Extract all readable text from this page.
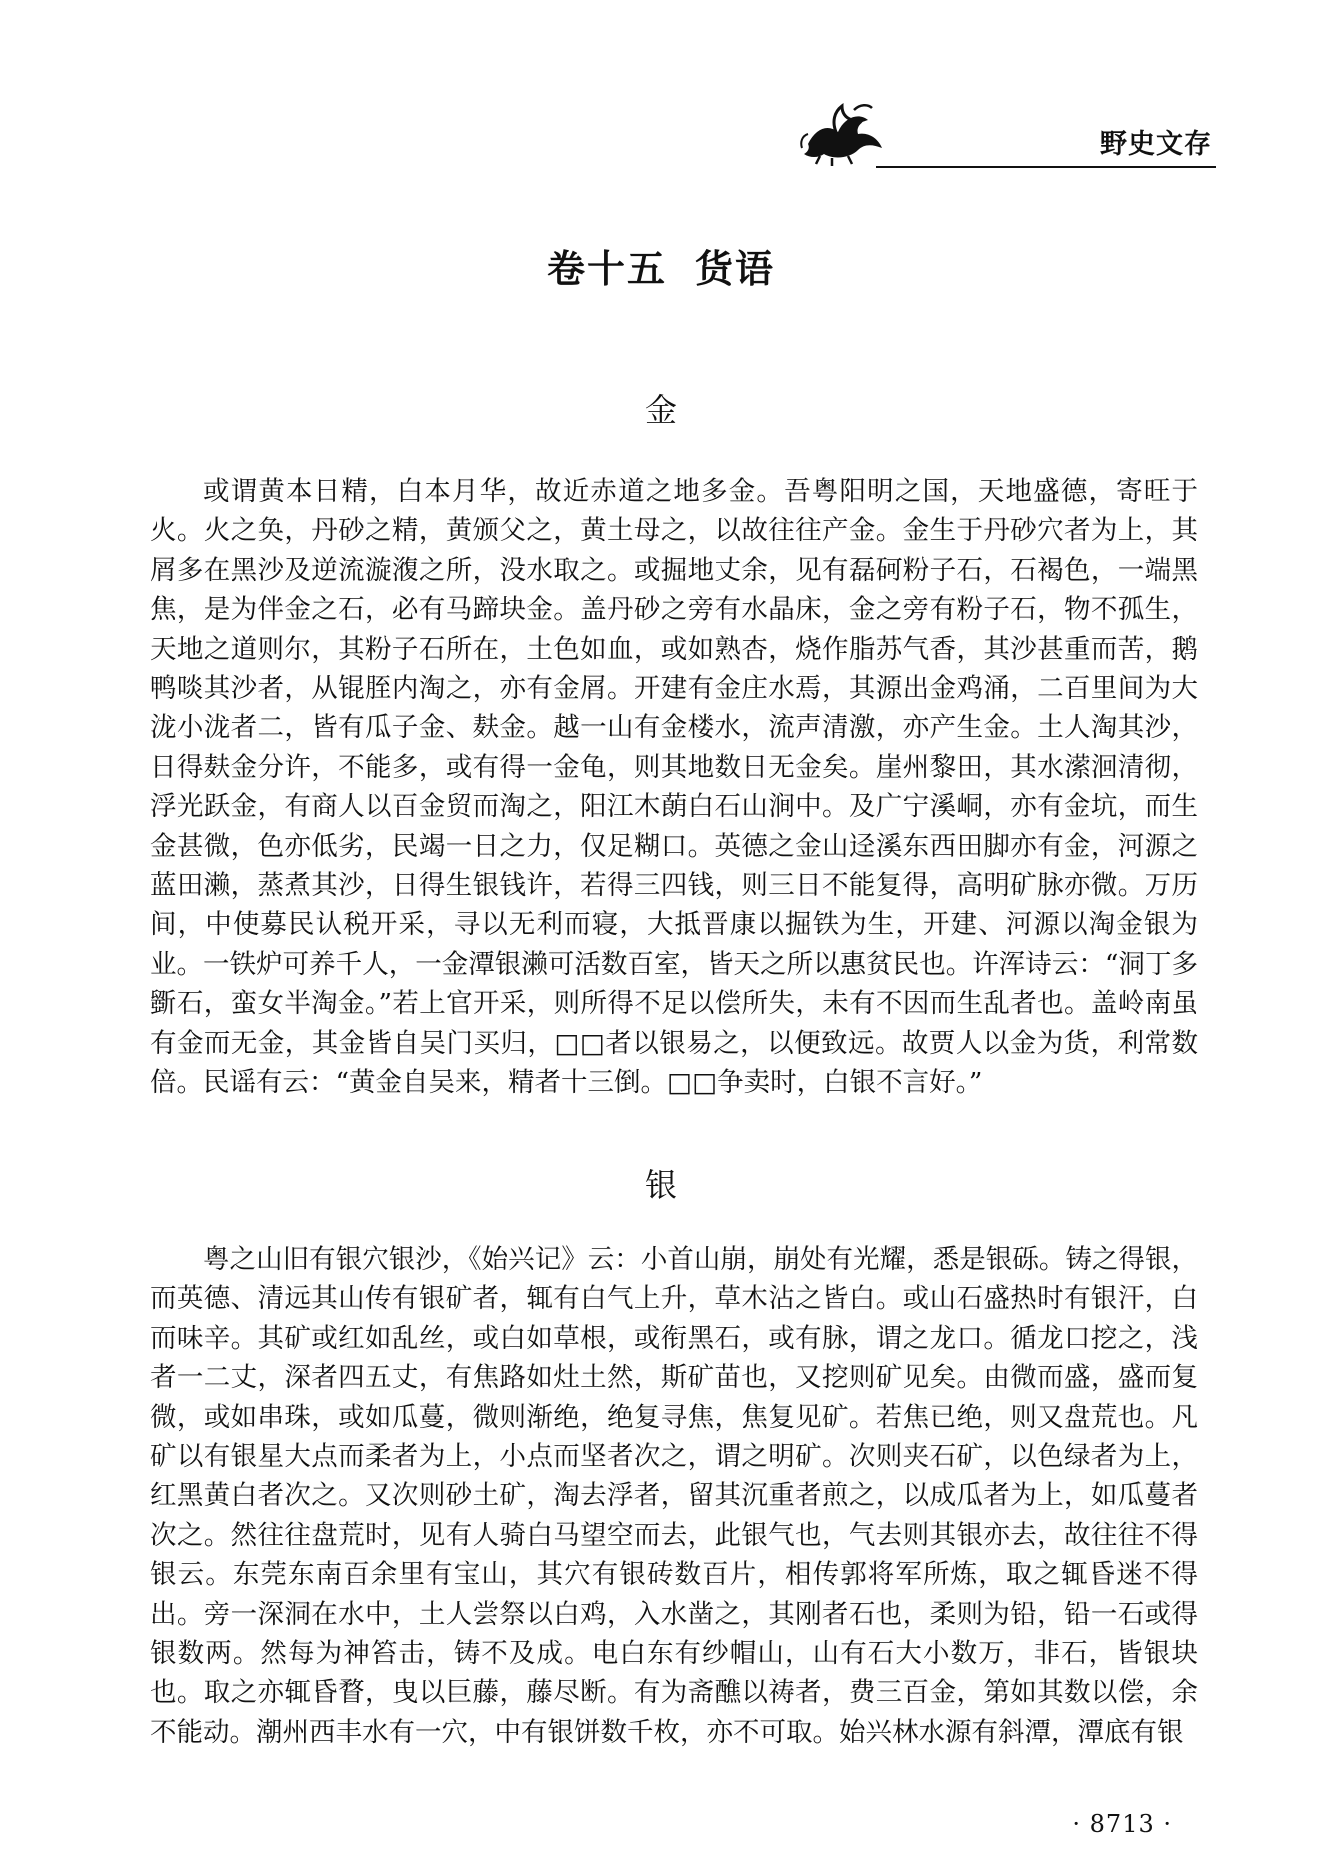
野史文存
卷十五 货语
金

或谓黄本日精，白本月华，故近赤道之地多金。吾粤阳明之国，天地盛德，寄旺于火。火之奂，丹砂之精，黄颁父之，黄土母之，以故往往产金。金生于丹砂穴者为上，其屑多在黑沙及逆流漩澓之所，没水取之。或掘地丈余，见有磊砢粉子石，石褐色，一端黑焦，是为伴金之石，必有马蹄块金。盖丹砂之旁有水晶床，金之旁有粉子石，物不孤生，天地之道则尔，其粉子石所在，土色如血，或如熟杏，烧作脂苏气香，其沙甚重而苦，鹅鸭啖其沙者，从锟胵内淘之，亦有金屑。开建有金庄水焉，其源出金鸡涌，二百里间为大泷小泷者二，皆有瓜子金、麸金。越一山有金楼水，流声清激，亦产生金。土人淘其沙，日得麸金分许，不能多，或有得一金龟，则其地数日无金矣。崖州黎田，其水潆洄清彻，浮光跃金，有商人以百金贸而淘之，阳江木蓢白石山涧中。及广宁溪峒，亦有金坑，而生金甚微，色亦低劣，民竭一日之力，仅足糊口。英德之金山迳溪东西田脚亦有金，河源之蓝田濑，蒸煮其沙，日得生银钱许，若得三四钱，则三日不能复得，高明矿脉亦微。万历间，中使募民认税开采，寻以无利而寝，大抵晋康以掘铁为生，开建、河源以淘金银为业。一铁炉可养千人，一金潭银濑可活数百室，皆天之所以惠贫民也。许浑诗云：“洞丁多斵石，蛮女半淘金。”若上官开采，则所得不足以偿所失，未有不因而生乱者也。盖岭南虽有金而无金，其金皆自吴门买归，□□者以银易之，以便致远。故贾人以金为货，利常数倍。民谣有云：“黄金自吴来，精者十三倒。□□争卖时，白银不言好。”

银

粤之山旧有银穴银沙，《始兴记》云：小首山崩，崩处有光耀，悉是银砾。铸之得银，而英德、清远其山传有银矿者，辄有白气上升，草木沾之皆白。或山石盛热时有银汗，白而味辛。其矿或红如乱丝，或白如草根，或衔黑石，或有脉，谓之龙口。循龙口挖之，浅者一二丈，深者四五丈，有焦路如灶土然，斯矿苗也，又挖则矿见矣。由微而盛，盛而复微，或如串珠，或如瓜蔓，微则渐绝，绝复寻焦，焦复见矿。若焦已绝，则又盘荒也。凡矿以有银星大点而柔者为上，小点而坚者次之，谓之明矿。次则夹石矿，以色绿者为上，红黑黄白者次之。又次则砂土矿，淘去浮者，留其沉重者煎之，以成瓜者为上，如瓜蔓者次之。然往往盘荒时，见有人骑白马望空而去，此银气也，气去则其银亦去，故往往不得银云。东莞东南百余里有宝山，其穴有银砖数百片，相传郭将军所炼，取之辄昏迷不得出。旁一深洞在水中，土人尝祭以白鸡，入水凿之，其刚者石也，柔则为铅，铅一石或得银数两。然每为神笞击，铸不及成。电白东有纱帽山，山有石大小数万，非石，皆银块也。取之亦辄昏瞀，曳以巨藤，藤尽断。有为斋醮以祷者，费三百金，第如其数以偿，余不能动。潮州西丰水有一穴，中有银饼数千枚，亦不可取。始兴林水源有斜潭，潭底有银

· 8713 ·
